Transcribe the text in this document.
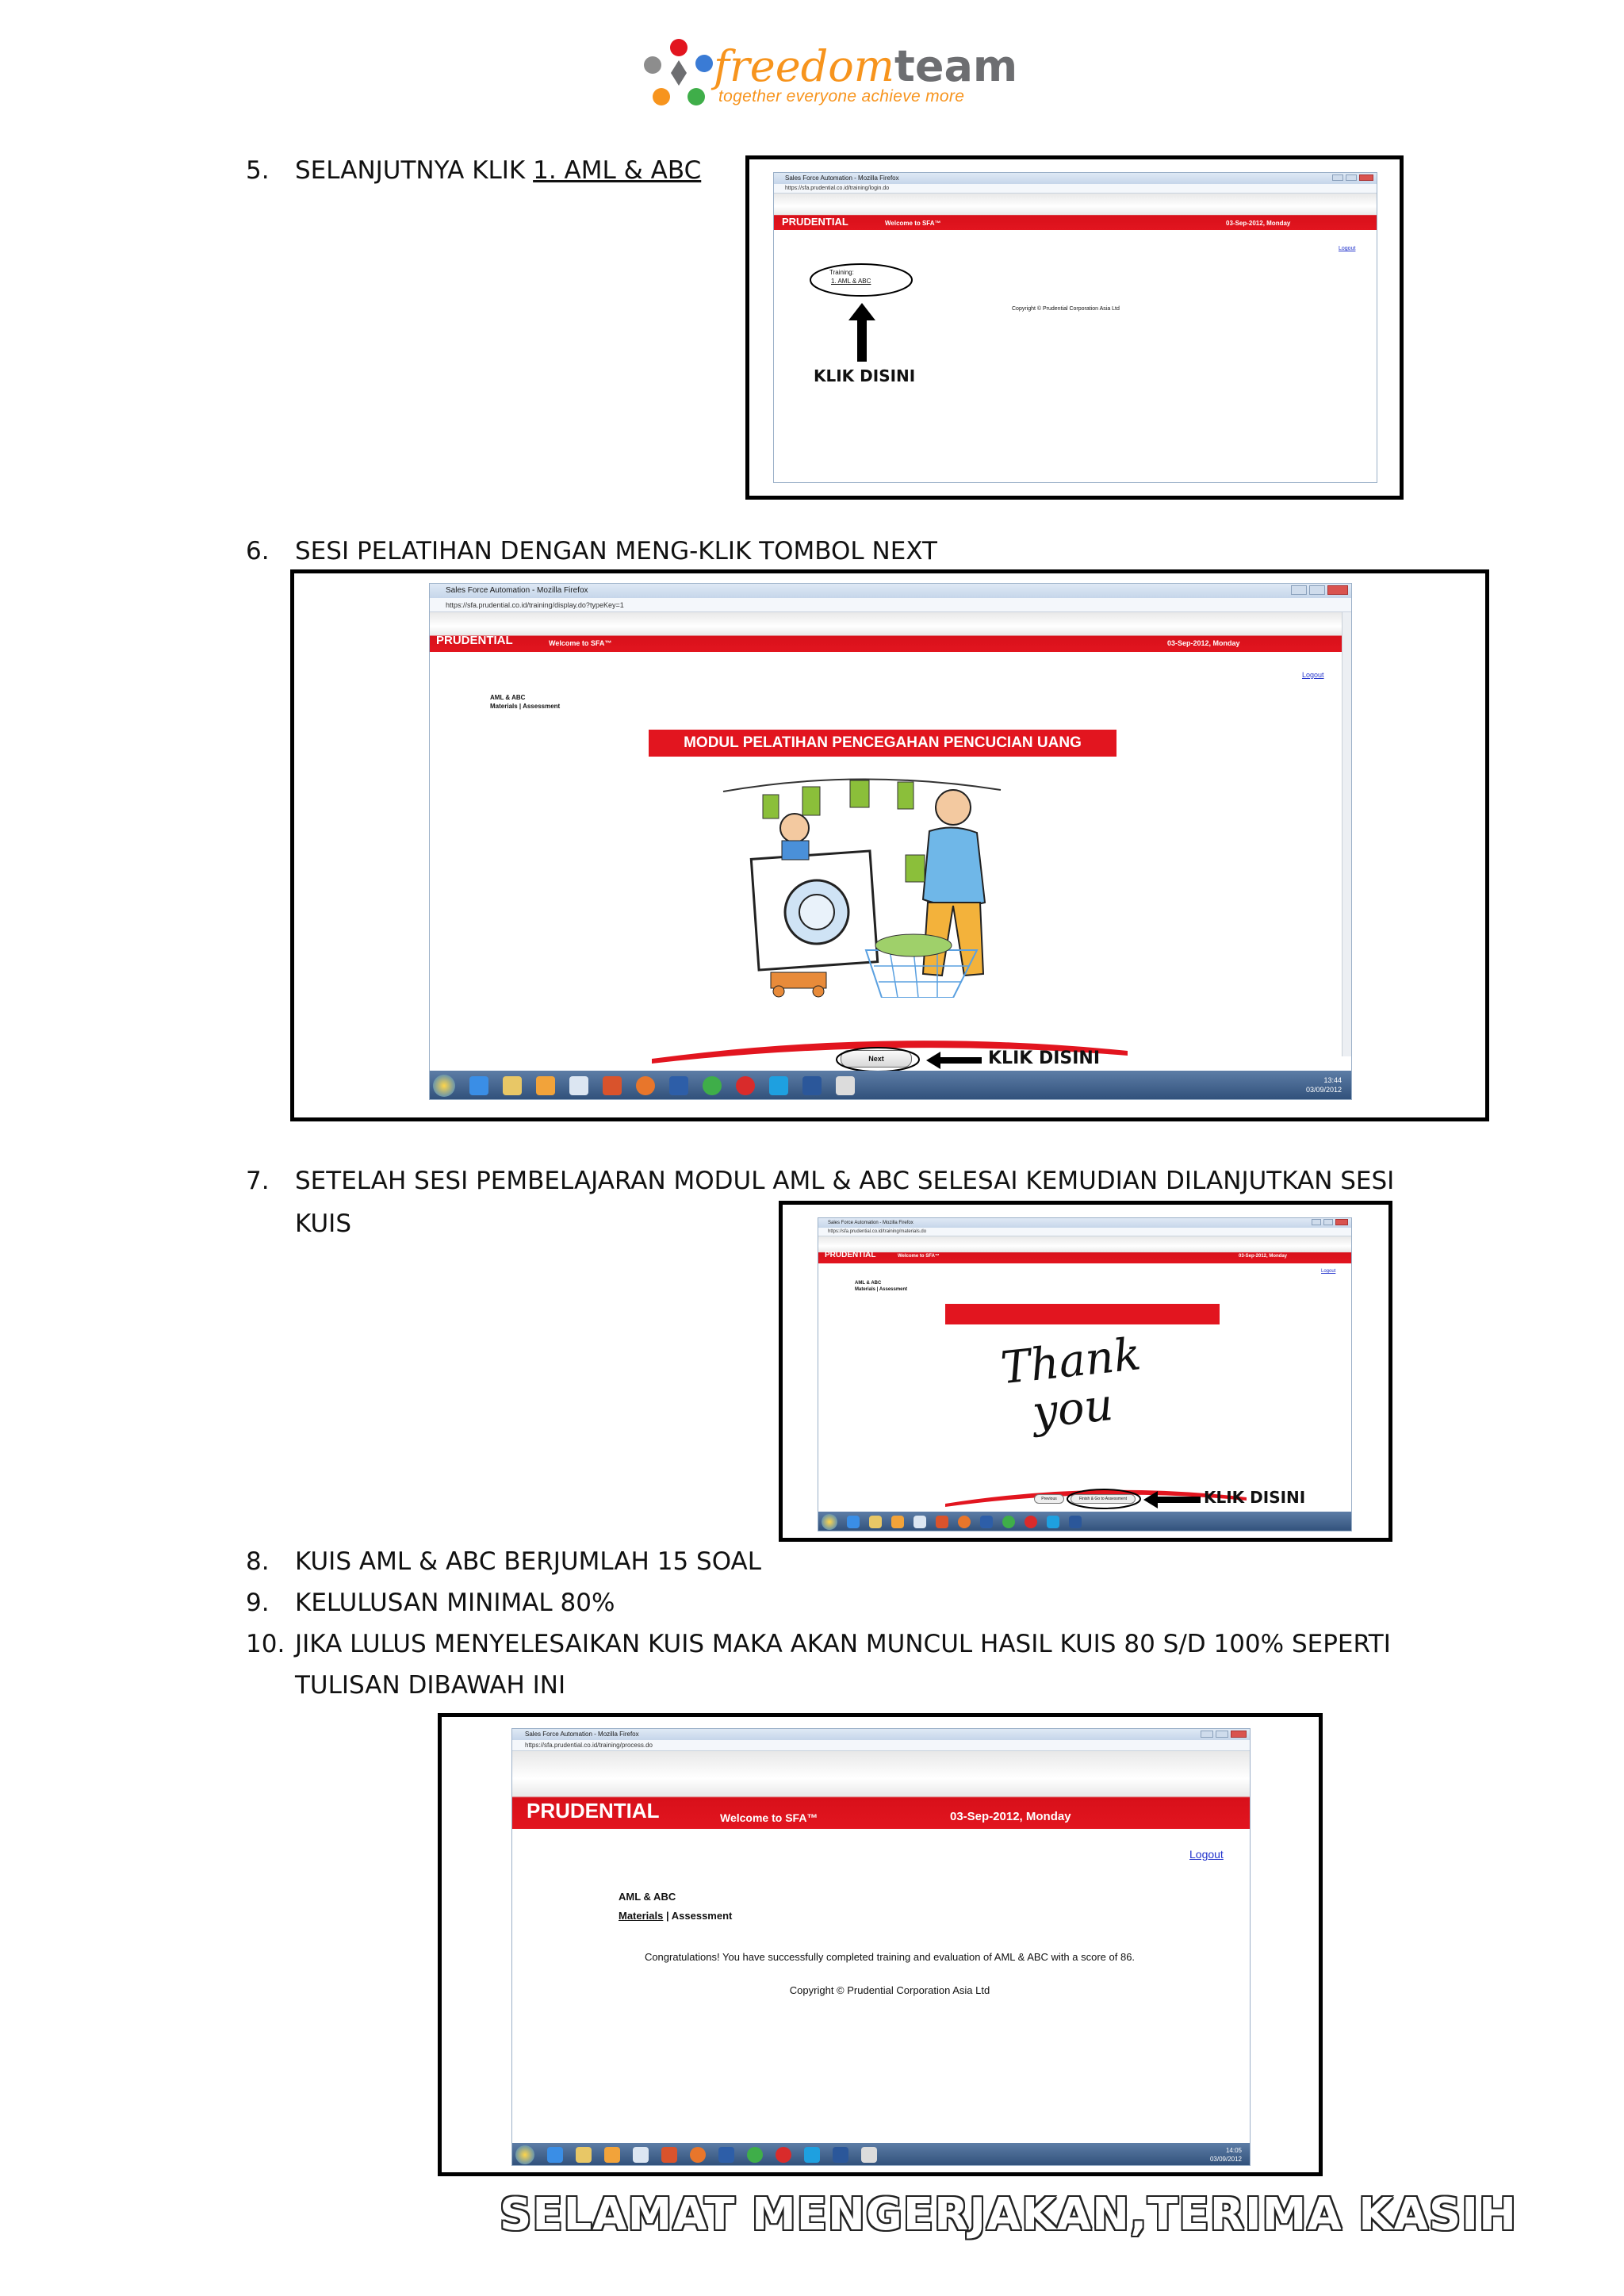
freedomteam
together everyone achieve more
5. SELANJUTNYA KLIK 1. AML & ABC	Sales Force Automation - Mozilla Firefox
https://sfa.prudential.co.id/training/login.do
PRUDENTIAL	Welcome to SFA™	03-Sep-2012, Monday
Logout
Training:
1. AML & ABC
KLIK DISINI
Copyright © Prudential Corporation Asia Ltd
6. SESI PELATIHAN DENGAN MENG-KLIK TOMBOL NEXT
Sales Force Automation - Mozilla Firefox
https://sfa.prudential.co.id/training/display.do?typeKey=1
PRUDENTIAL	Welcome to SFA™	03-Sep-2012, Monday
Logout
AML & ABC
Materials | Assessment
MODUL PELATIHAN PENCEGAHAN PENCUCIAN UANG
Next	KLIK DISINI
13:44
03/09/2012
7. SETELAH SESI PEMBELAJARAN MODUL AML & ABC SELESAI KEMUDIAN DILANJUTKAN SESI
KUIS	Sales Force Automation - Mozilla Firefox
https://sfa.prudential.co.id/training/materials.do
PRUDENTIAL	Welcome to SFA™	03-Sep-2012, Monday
Logout
AML & ABC
Materials | Assessment
Thank
you
Previous	Finish & Go to Assessment	KLIK DISINI
8. KUIS AML & ABC BERJUMLAH 15 SOAL
9. KELULUSAN MINIMAL 80%
10. JIKA LULUS MENYELESAIKAN KUIS MAKA AKAN MUNCUL HASIL KUIS 80 S/D 100% SEPERTI
TULISAN DIBAWAH INI
Sales Force Automation - Mozilla Firefox
https://sfa.prudential.co.id/training/process.do
PRUDENTIAL	Welcome to SFA™	03-Sep-2012, Monday
Logout
AML & ABC
Materials | Assessment
Congratulations! You have successfully completed training and evaluation of AML & ABC with a score of 86.
Copyright © Prudential Corporation Asia Ltd
14:05
03/09/2012
SELAMAT MENGERJAKAN,TERIMA KASIH
